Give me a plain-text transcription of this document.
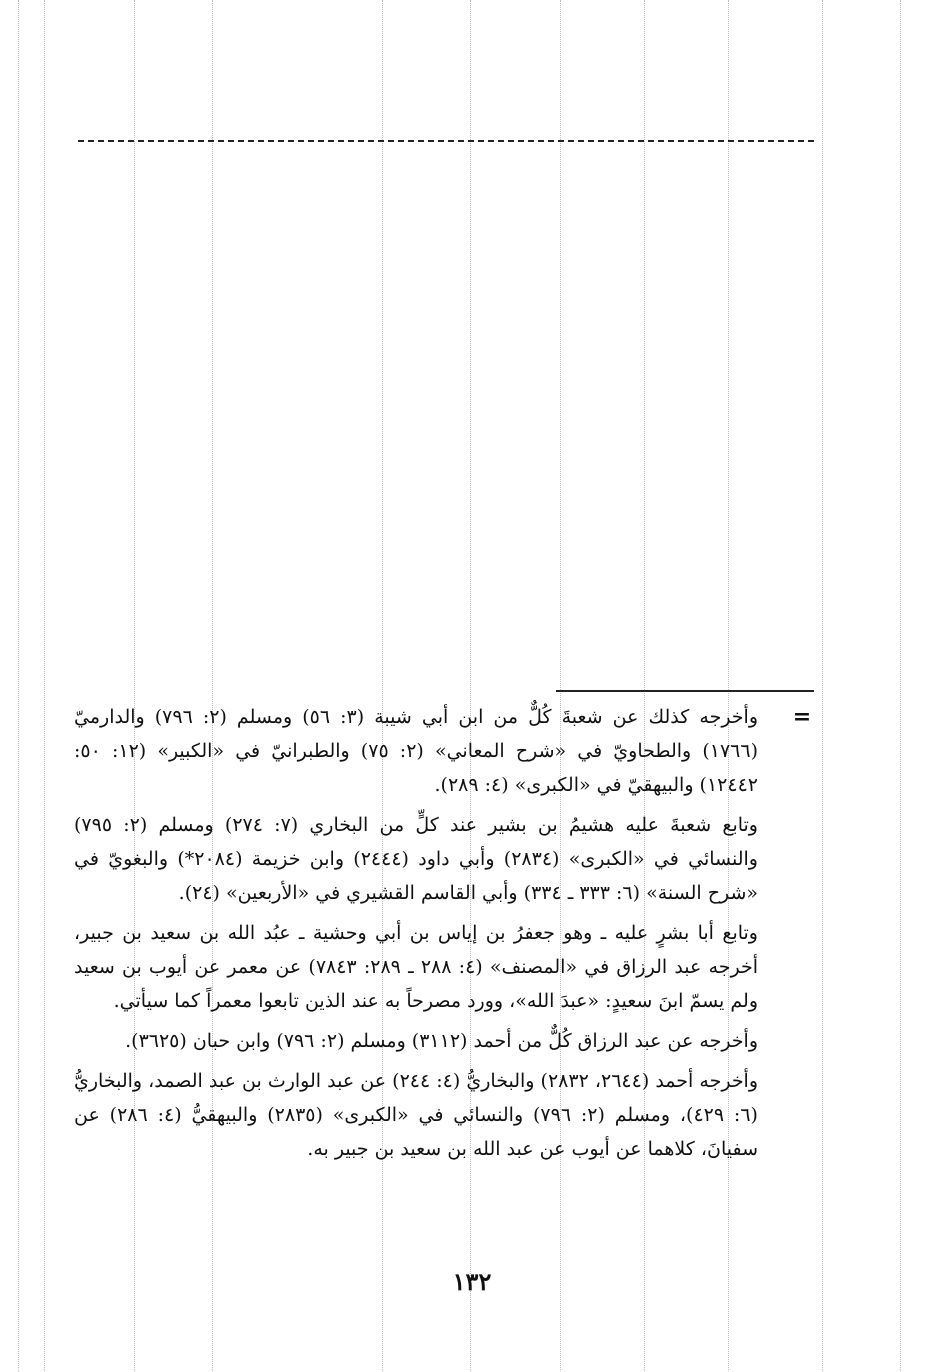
=

وأخرجه كذلك عن شعبةَ كُلٌّ من ابن أبي شيبة (٣: ٥٦) ومسلم (٢: ٧٩٦) والدارميّ (١٧٦٦) والطحاويّ في «شرح المعاني» (٢: ٧٥) والطبرانيّ في «الكبير» (١٢: ٥٠: ١٢٤٤٢) والبيهقيّ في «الكبرى» (٤: ٢٨٩).

وتابع شعبةَ عليه هشيمُ بن بشير عند كلٍّ من البخاري (٧: ٢٧٤) ومسلم (٢: ٧٩٥) والنسائي في «الكبرى» (٢٨٣٤) وأبي داود (٢٤٤٤) وابن خزيمة (٢٠٨٤*) والبغويّ في «شرح السنة» (٦: ٣٣٣ ـ ٣٣٤) وأبي القاسم القشيري في «الأربعين» (٢٤).

وتابع أبا بشرٍ عليه ـ وهو جعفرُ بن إياس بن أبي وحشية ـ عبُد الله بن سعيد بن جبير، أخرجه عبد الرزاق في «المصنف» (٤: ٢٨٨ ـ ٢٨٩: ٧٨٤٣) عن معمر عن أيوب بن سعيد ولم يسمّ ابنَ سعيدٍ: «عبدَ الله»، وورد مصرحاً به عند الذين تابعوا معمراً كما سيأتي.

وأخرجه عن عبد الرزاق كُلٌّ من أحمد (٣١١٢) ومسلم (٢: ٧٩٦) وابن حبان (٣٦٢٥).

وأخرجه أحمد (٢٦٤٤، ٢٨٣٢) والبخاريُّ (٤: ٢٤٤) عن عبد الوارث بن عبد الصمد، والبخاريُّ (٦: ٤٢٩)، ومسلم (٢: ٧٩٦) والنسائي في «الكبرى» (٢٨٣٥) والبيهقيُّ (٤: ٢٨٦) عن سفيانَ، كلاهما عن أيوب عن عبد الله بن سعيد بن جبير به.

١٣٢
